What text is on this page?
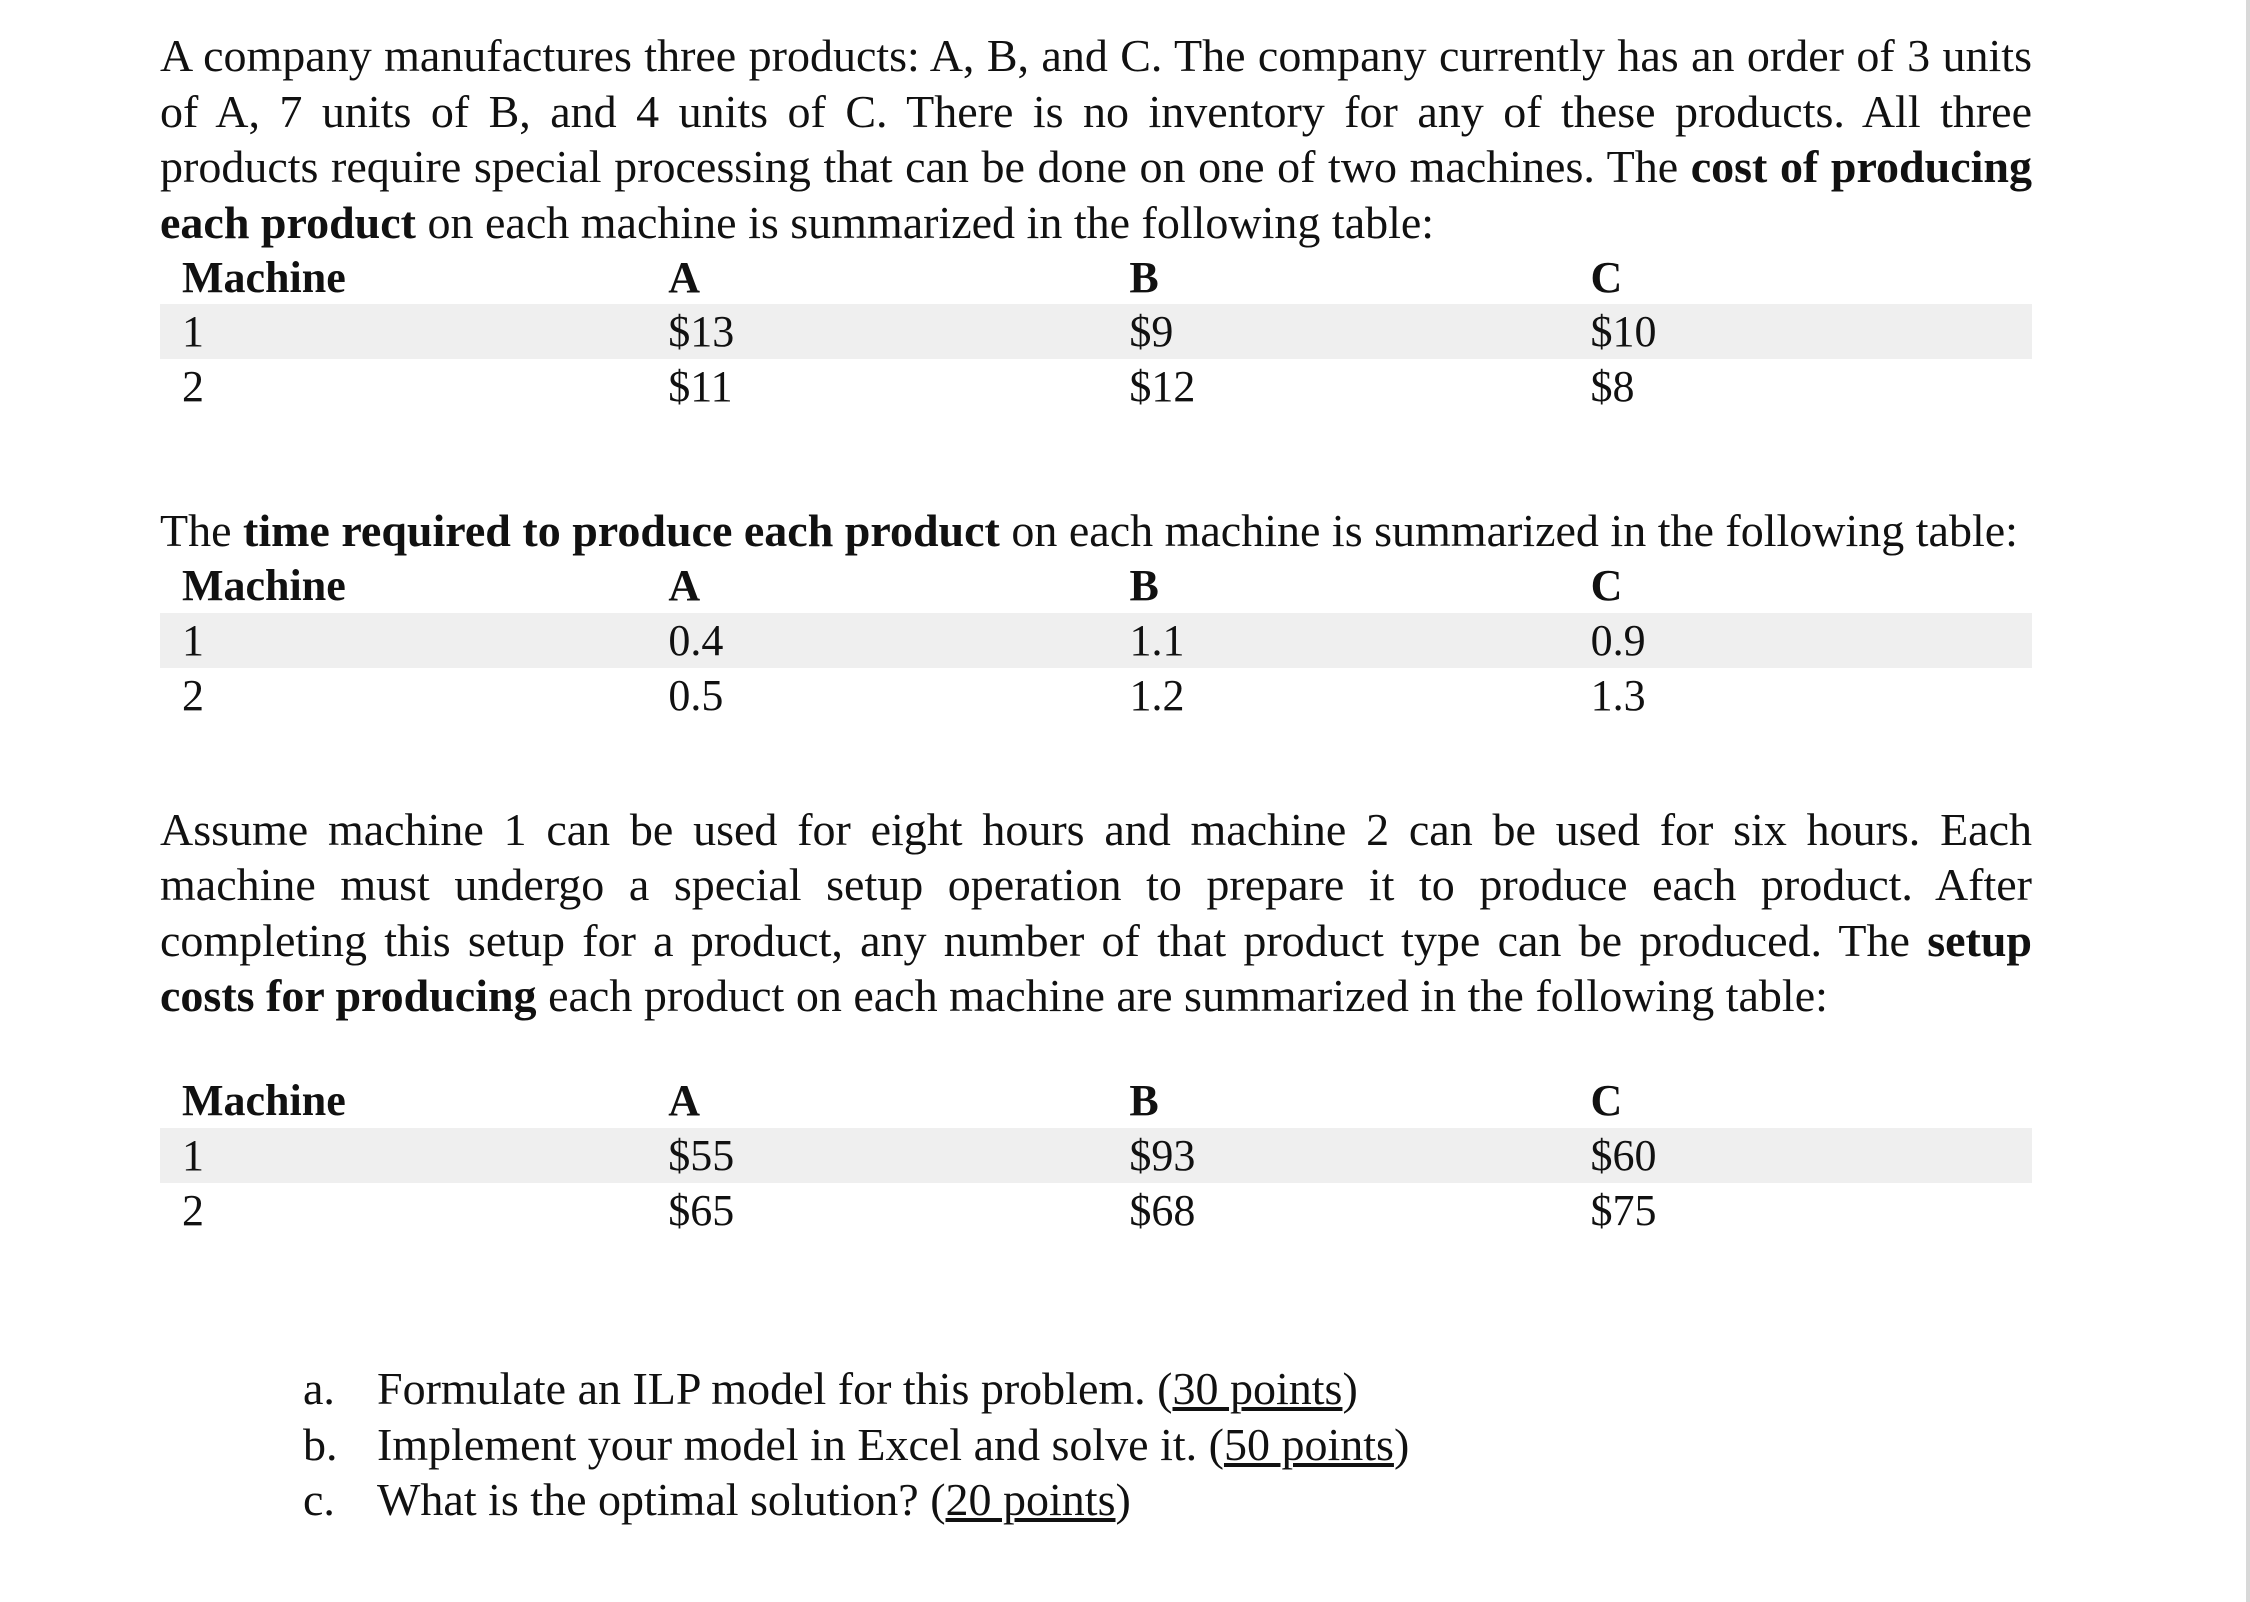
A company manufactures three products: A, B, and C. The company currently has an order of 3 units of A, 7 units of B, and 4 units of C. There is no inventory for any of these products. All three products require special processing that can be done on one of two machines. The cost of producing each product on each machine is summarized in the following table:

Machine	A	B	C
1	$13	$9	$10
2	$11	$12	$8

The time required to produce each product on each machine is summarized in the following table:

Machine	A	B	C
1	0.4	1.1	0.9
2	0.5	1.2	1.3

Assume machine 1 can be used for eight hours and machine 2 can be used for six hours. Each machine must undergo a special setup operation to prepare it to produce each product. After completing this setup for a product, any number of that product type can be produced. The setup costs for producing each product on each machine are summarized in the following table:

Machine	A	B	C
1	$55	$93	$60
2	$65	$68	$75
a. Formulate an ILP model for this problem. (30 points)
b. Implement your model in Excel and solve it. (50 points)
c. What is the optimal solution? (20 points)
